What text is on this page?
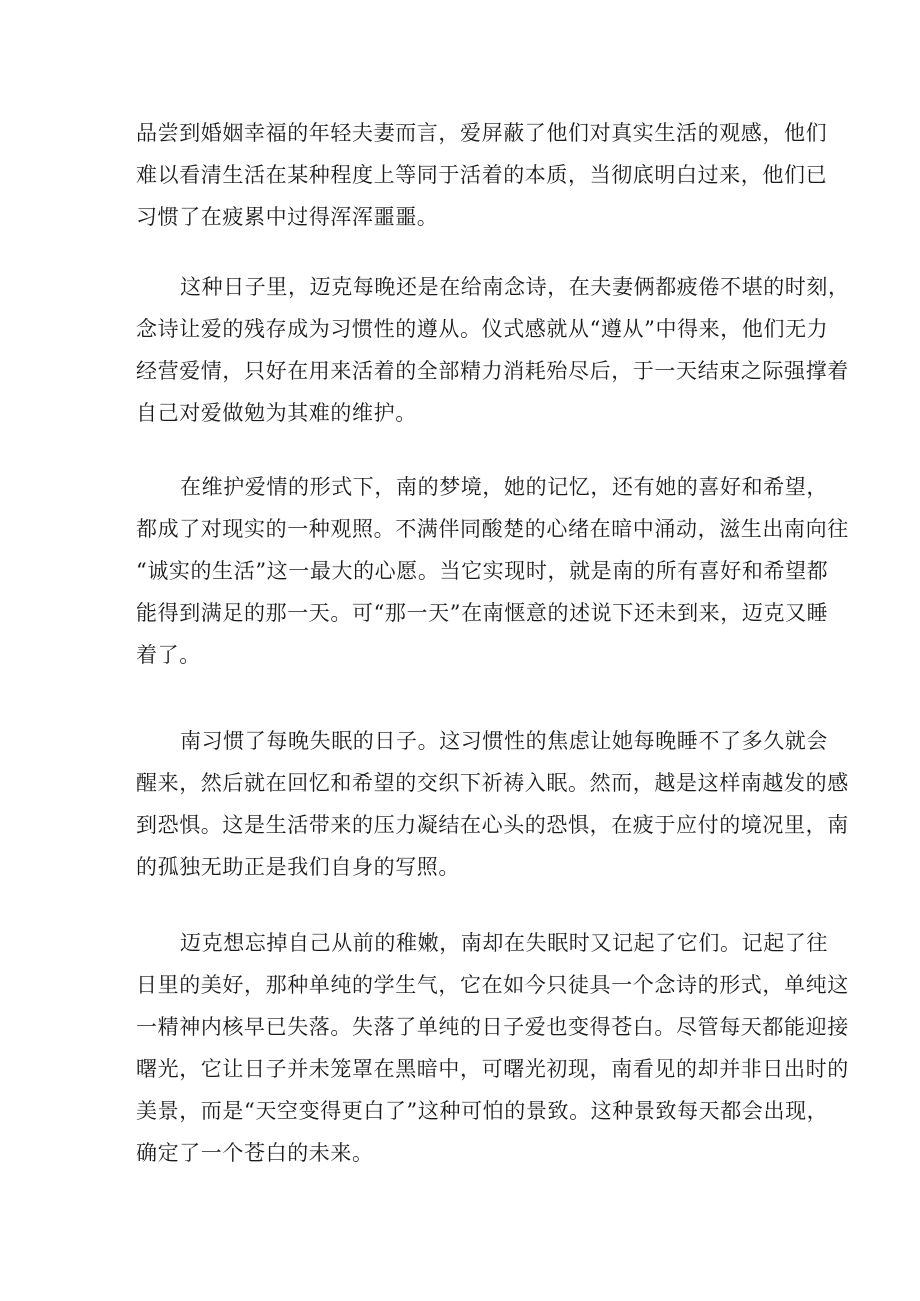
品尝到婚姻幸福的年轻夫妻而言，爱屏蔽了他们对真实生活的观感，他们
难以看清生活在某种程度上等同于活着的本质，当彻底明白过来，他们已
习惯了在疲累中过得浑浑噩噩。
这种日子里，迈克每晚还是在给南念诗，在夫妻俩都疲倦不堪的时刻，
念诗让爱的残存成为习惯性的遵从。仪式感就从“遵从”中得来，他们无力
经营爱情，只好在用来活着的全部精力消耗殆尽后，于一天结束之际强撑着
自己对爱做勉为其难的维护。
在维护爱情的形式下，南的梦境，她的记忆，还有她的喜好和希望，
都成了对现实的一种观照。不满伴同酸楚的心绪在暗中涌动，滋生出南向往
“诚实的生活”这一最大的心愿。当它实现时，就是南的所有喜好和希望都
能得到满足的那一天。可“那一天”在南惬意的述说下还未到来，迈克又睡
着了。
南习惯了每晚失眠的日子。这习惯性的焦虑让她每晚睡不了多久就会
醒来，然后就在回忆和希望的交织下祈祷入眠。然而，越是这样南越发的感
到恐惧。这是生活带来的压力凝结在心头的恐惧，在疲于应付的境况里，南
的孤独无助正是我们自身的写照。
迈克想忘掉自己从前的稚嫩，南却在失眠时又记起了它们。记起了往
日里的美好，那种单纯的学生气，它在如今只徒具一个念诗的形式，单纯这
一精神内核早已失落。失落了单纯的日子爱也变得苍白。尽管每天都能迎接
曙光，它让日子并未笼罩在黑暗中，可曙光初现，南看见的却并非日出时的
美景，而是“天空变得更白了”这种可怕的景致。这种景致每天都会出现，
确定了一个苍白的未来。
